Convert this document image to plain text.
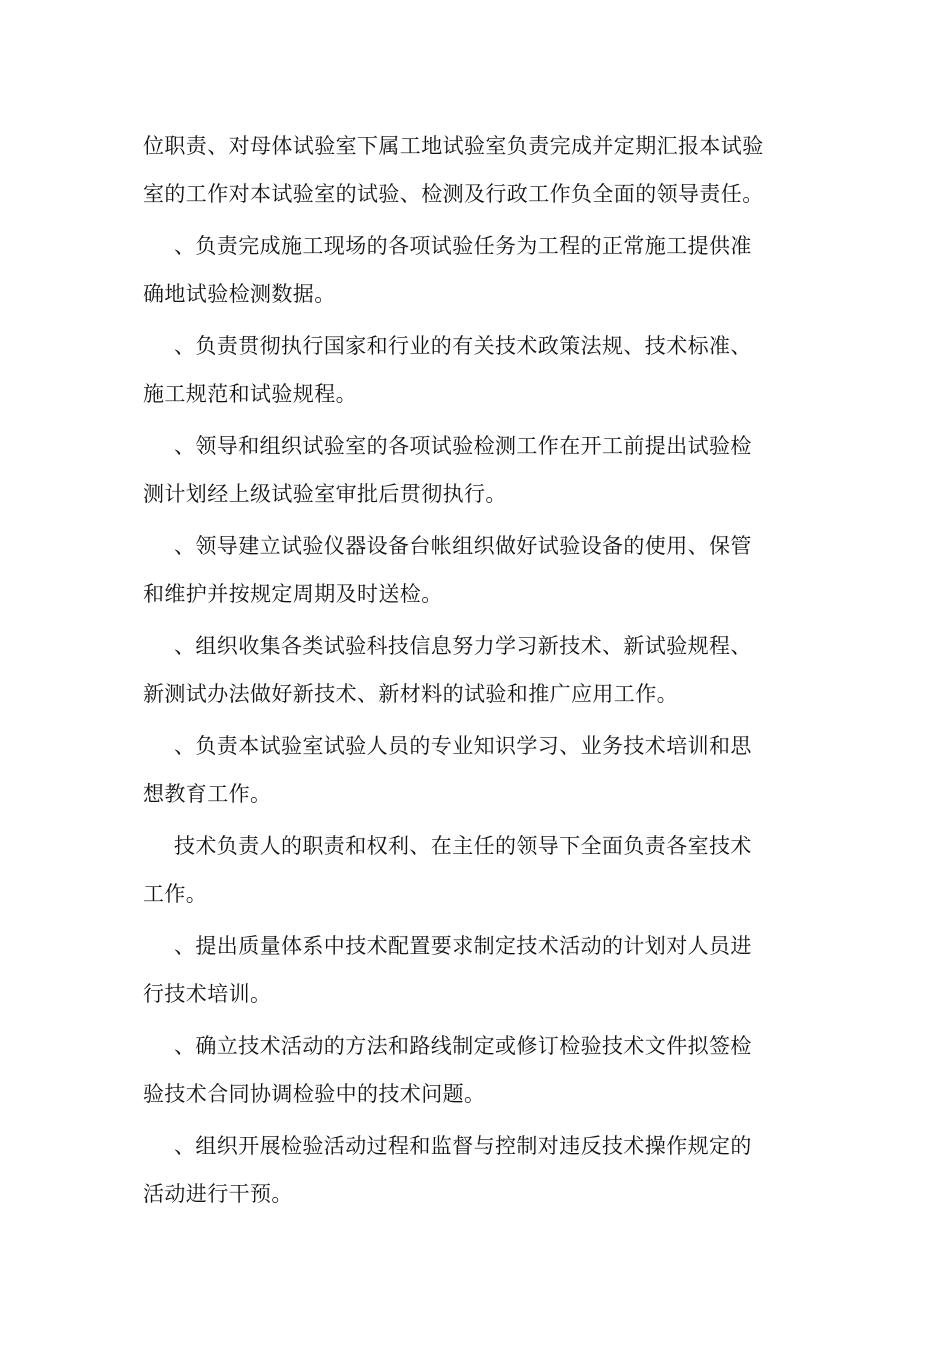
位职责、对母体试验室下属工地试验室负责完成并定期汇报本试验室的工作对本试验室的试验、检测及行政工作负全面的领导责任。

、负责完成施工现场的各项试验任务为工程的正常施工提供准确地试验检测数据。

、负责贯彻执行国家和行业的有关技术政策法规、技术标准、施工规范和试验规程。

、领导和组织试验室的各项试验检测工作在开工前提出试验检测计划经上级试验室审批后贯彻执行。

、领导建立试验仪器设备台帐组织做好试验设备的使用、保管和维护并按规定周期及时送检。

、组织收集各类试验科技信息努力学习新技术、新试验规程、新测试办法做好新技术、新材料的试验和推广应用工作。

、负责本试验室试验人员的专业知识学习、业务技术培训和思想教育工作。

技术负责人的职责和权利、在主任的领导下全面负责各室技术工作。

、提出质量体系中技术配置要求制定技术活动的计划对人员进行技术培训。

、确立技术活动的方法和路线制定或修订检验技术文件拟签检验技术合同协调检验中的技术问题。

、组织开展检验活动过程和监督与控制对违反技术操作规定的活动进行干预。
